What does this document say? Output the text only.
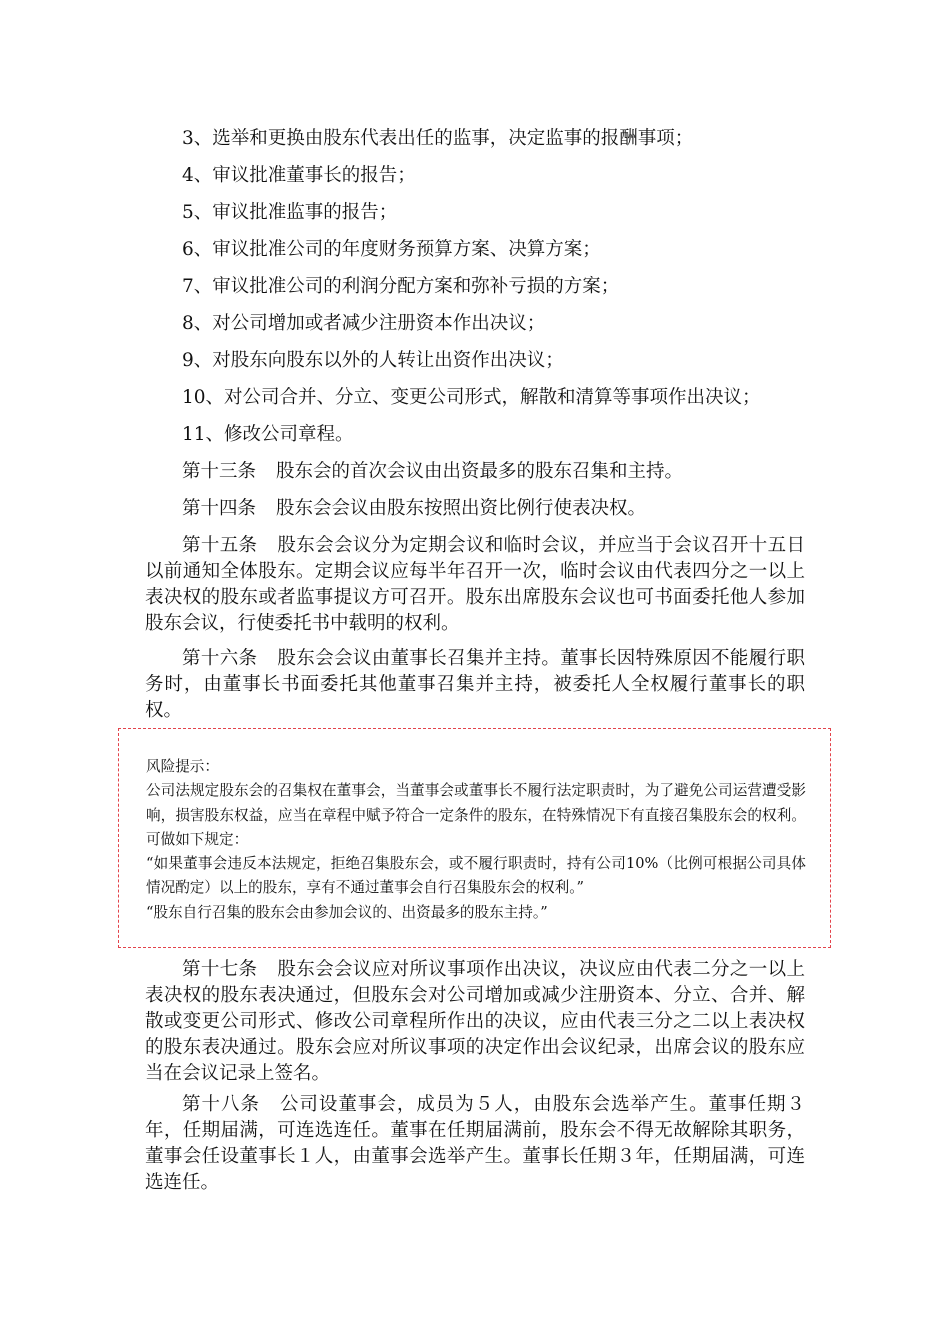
3、选举和更换由股东代表出任的监事，决定监事的报酬事项；
4、审议批准董事长的报告；
5、审议批准监事的报告；
6、审议批准公司的年度财务预算方案、决算方案；
7、审议批准公司的利润分配方案和弥补亏损的方案；
8、对公司增加或者减少注册资本作出决议；
9、对股东向股东以外的人转让出资作出决议；
10、对公司合并、分立、变更公司形式，解散和清算等事项作出决议；
11、修改公司章程。
第十三条 股东会的首次会议由出资最多的股东召集和主持。
第十四条 股东会会议由股东按照出资比例行使表决权。
第十五条 股东会会议分为定期会议和临时会议，并应当于会议召开十五日以前通知全体股东。定期会议应每半年召开一次，临时会议由代表四分之一以上表决权的股东或者监事提议方可召开。股东出席股东会议也可书面委托他人参加股东会议，行使委托书中载明的权利。
第十六条 股东会会议由董事长召集并主持。董事长因特殊原因不能履行职务时，由董事长书面委托其他董事召集并主持，被委托人全权履行董事长的职权。

风险提示：

公司法规定股东会的召集权在董事会，当董事会或董事长不履行法定职责时，为了避免公司运营遭受影响，损害股东权益，应当在章程中赋予符合一定条件的股东，在特殊情况下有直接召集股东会的权利。可做如下规定：

“如果董事会违反本法规定，拒绝召集股东会，或不履行职责时，持有公司10%（比例可根据公司具体情况酌定）以上的股东，享有不通过董事会自行召集股东会的权利。”

“股东自行召集的股东会由参加会议的、出资最多的股东主持。”

第十七条 股东会会议应对所议事项作出决议，决议应由代表二分之一以上表决权的股东表决通过，但股东会对公司增加或减少注册资本、分立、合并、解散或变更公司形式、修改公司章程所作出的决议，应由代表三分之二以上表决权的股东表决通过。股东会应对所议事项的决定作出会议纪录，出席会议的股东应当在会议记录上签名。
第十八条 公司设董事会，成员为５人，由股东会选举产生。董事任期３年，任期届满，可连选连任。董事在任期届满前，股东会不得无故解除其职务，董事会任设董事长１人，由董事会选举产生。董事长任期３年，任期届满，可连选连任。
